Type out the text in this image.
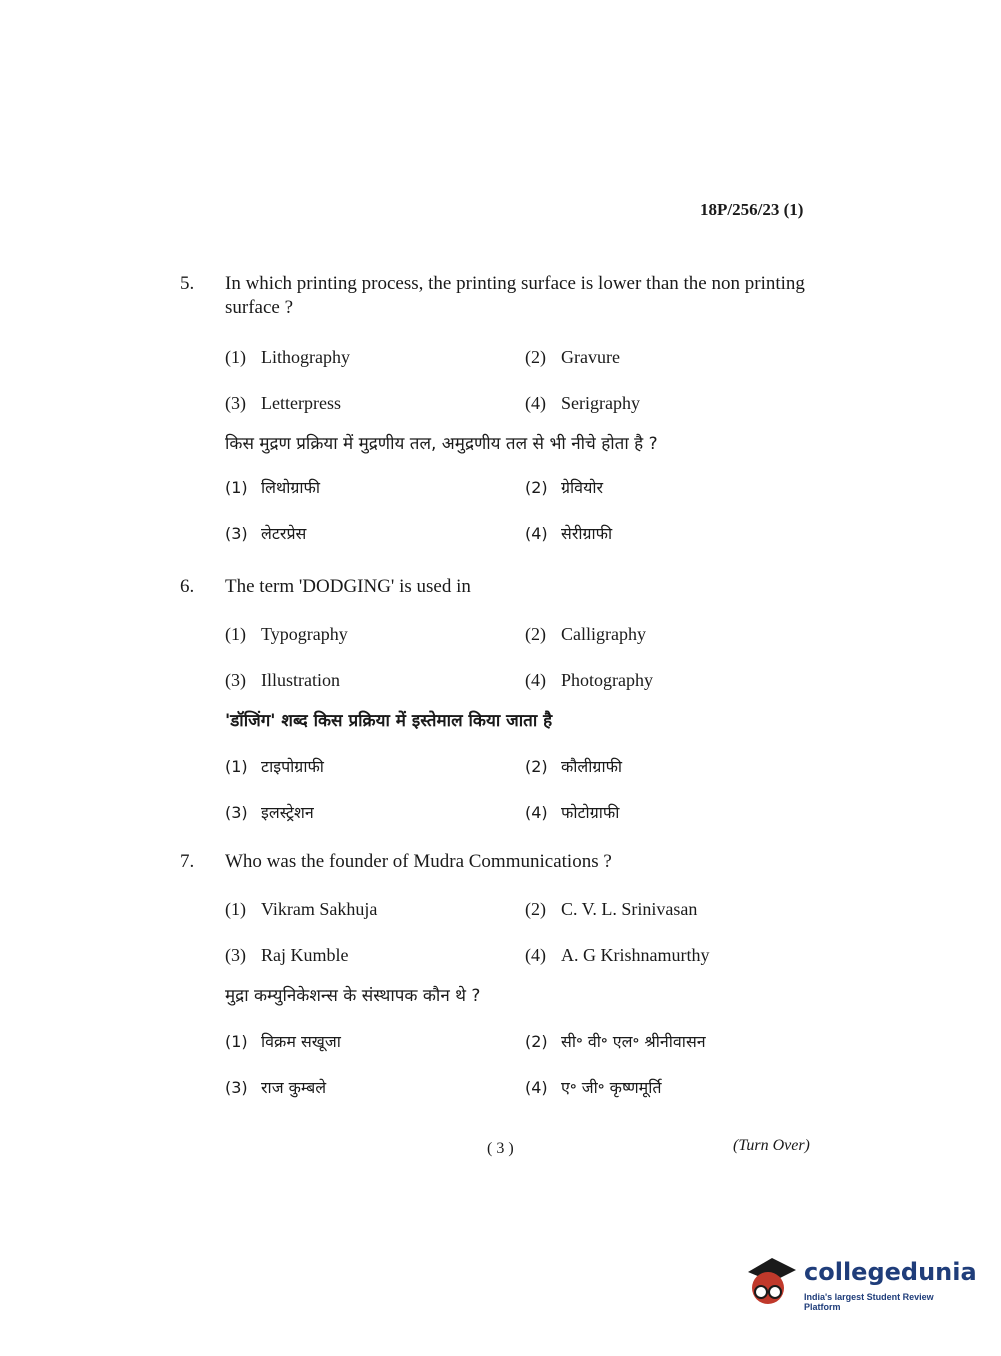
18P/256/23 (1)
5.	In which printing process, the printing surface is lower than the non printing surface ?
(1) Lithography	(2) Gravure
(3) Letterpress	(4) Serigraphy
किस मुद्रण प्रक्रिया में मुद्रणीय तल, अमुद्रणीय तल से भी नीचे होता है ?
(1) लिथोग्राफी	(2) ग्रेवियोर
(3) लेटरप्रेस	(4) सेरीग्राफी
6.	The term 'DODGING' is used in
(1) Typography	(2) Calligraphy
(3) Illustration	(4) Photography
'डॉजिंग' शब्द किस प्रक्रिया में इस्तेमाल किया जाता है
(1) टाइपोग्राफी	(2) कौलीग्राफी
(3) इलस्ट्रेशन	(4) फोटोग्राफी
7.	Who was the founder of Mudra Communications ?
(1) Vikram Sakhuja	(2) C. V. L. Srinivasan
(3) Raj Kumble	(4) A. G Krishnamurthy
मुद्रा कम्युनिकेशन्स के संस्थापक कौन थे ?
(1) विक्रम सखूजा	(2) सी॰ वी॰ एल॰ श्रीनीवासन
(3) राज कुम्बले	(4) ए॰ जी॰ कृष्णमूर्ति
( 3 )	(Turn Over)
collegedunia
India's largest Student Review Platform
